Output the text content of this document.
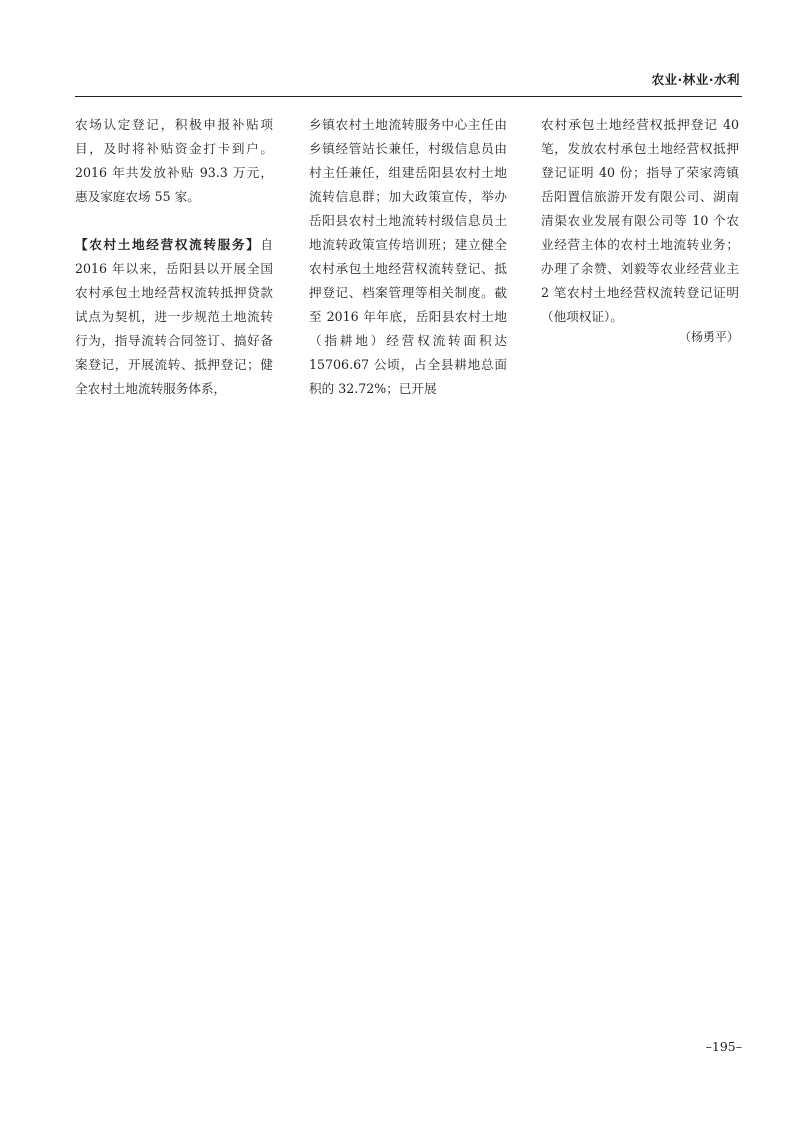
农业·林业·水利

农场认定登记，积极申报补贴项目，及时将补贴资金打卡到户。2016 年共发放补贴 93.3 万元，惠及家庭农场 55 家。

【农村土地经营权流转服务】自 2016 年以来，岳阳县以开展全国农村承包土地经营权流转抵押贷款试点为契机，进一步规范土地流转行为，指导流转合同签订、搞好备案登记，开展流转、抵押登记；健全农村土地流转服务体系，

乡镇农村土地流转服务中心主任由乡镇经管站长兼任，村级信息员由村主任兼任，组建岳阳县农村土地流转信息群；加大政策宣传，举办岳阳县农村土地流转村级信息员土地流转政策宣传培训班；建立健全农村承包土地经营权流转登记、抵押登记、档案管理等相关制度。截至 2016 年年底，岳阳县农村土地（指耕地）经营权流转面积达 15706.67 公顷，占全县耕地总面积的 32.72%；已开展

农村承包土地经营权抵押登记 40 笔，发放农村承包土地经营权抵押登记证明 40 份；指导了荣家湾镇岳阳置信旅游开发有限公司、湖南清渠农业发展有限公司等 10 个农业经营主体的农村土地流转业务；办理了余赞、刘毅等农业经营业主 2 笔农村土地经营权流转登记证明（他项权证）。

（杨勇平）
–195–
